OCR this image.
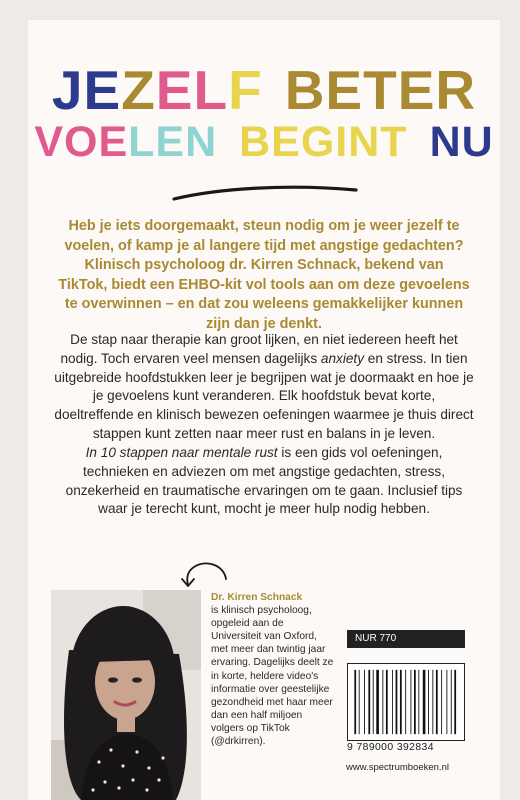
JEZELF BETER
VOELEN BEGINT NU
Heb je iets doorgemaakt, steun nodig om je weer jezelf te voelen, of kamp je al langere tijd met angstige gedachten? Klinisch psycholoog dr. Kirren Schnack, bekend van TikTok, biedt een EHBO-kit vol tools aan om deze gevoelens te overwinnen – en dat zou weleens gemakkelijker kunnen zijn dan je denkt.
De stap naar therapie kan groot lijken, en niet iedereen heeft het nodig. Toch ervaren veel mensen dagelijks anxiety en stress. In tien uitgebreide hoofdstukken leer je begrijpen wat je doormaakt en hoe je je gevoelens kunt veranderen. Elk hoofdstuk bevat korte, doeltreffende en klinisch bewezen oefeningen waarmee je thuis direct stappen kunt zetten naar meer rust en balans in je leven.
In 10 stappen naar mentale rust is een gids vol oefeningen, technieken en adviezen om met angstige gedachten, stress, onzekerheid en traumatische ervaringen om te gaan. Inclusief tips waar je terecht kunt, mocht je meer hulp nodig hebben.
Dr. Kirren Schnack
is klinisch psycholoog, opgeleid aan de Universiteit van Oxford, met meer dan twintig jaar ervaring. Dagelijks deelt ze in korte, heldere video's informatie over geestelijke gezondheid met haar meer dan een half miljoen volgers op TikTok (@drkirren).
NUR 770
9 789000 392834
www.spectrumboeken.nl
